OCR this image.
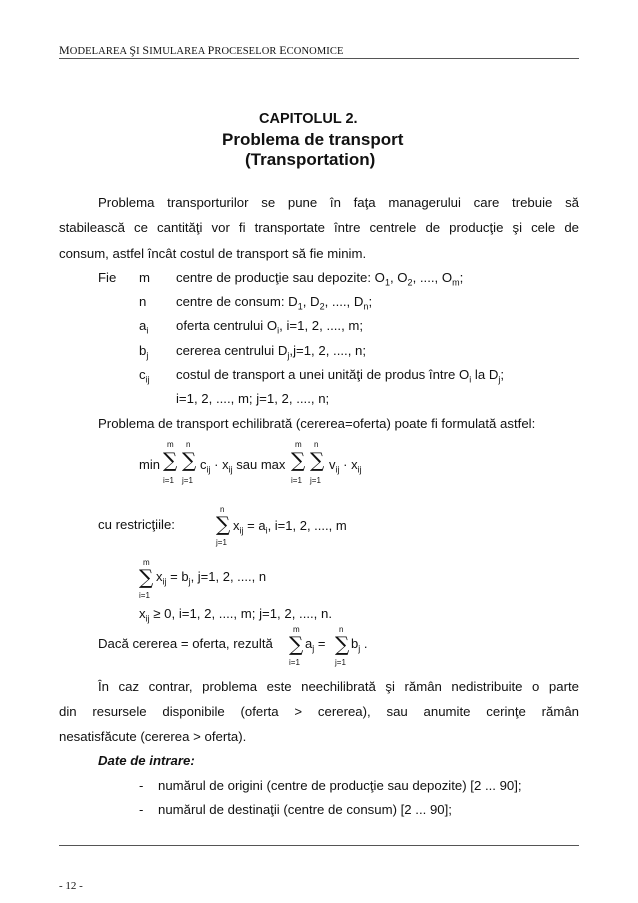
MODELAREA ŞI SIMULAREA PROCESELOR ECONOMICE
CAPITOLUL 2.
Problema de transport
(Transportation)
Problema transporturilor se pune în faţa managerului care trebuie să
stabilească ce cantităţi vor fi transportate între centrele de producţie şi cele de
consum, astfel încât costul de transport să fie minim.
Fie m centre de producţie sau depozite: $O_1$, $O_2$, ...., $O_m$;
n centre de consum: $D_1$, $D_2$, ...., $D_n$;
$a_i$ oferta centrului $O_i$, i=1, 2, ...., m;
$b_j$ cererea centrului $D_j,j=1$, 2, ...., n;
$c_{ij}$ costul de transport a unei unităţi de produs între $O_i$ la $D_j$;
i=1, 2, ...., m; j=1, 2, ...., n;
Problema de transport echilibrată (cererea=oferta) poate fi formulată astfel:
min
m
∑
i=1
n
∑
j=1
$c_{ij} \cdot x_{ij}$ sau max
m
∑
i=1
n
∑
j=1
$v_{ij} \cdot x_{ij}$
cu restricţiile:
n
∑
j=1
$x_{ij} = a_i$, i=1, 2, ...., m
m
∑
i=1
$x_{ij} = b_j$, j=1, 2, ...., n
$x_{ij} \ge 0$, i=1, 2, ...., m; j=1, 2, ...., n.
Dacă cererea = oferta, rezultă
m
∑
i=1
$a_j$ =
n
∑
j=1
$b_j$ .
În caz contrar, problema este neechilibrată şi rămân nedistribuite o parte
din resursele disponibile (oferta > cererea), sau anumite cerinţe rămân
nesatisfăcute (cererea > oferta).
Date de intrare:
- numărul de origini (centre de producţie sau depozite) [2 ... 90];
- numărul de destinaţii (centre de consum) [2 ... 90];
- 12 -
